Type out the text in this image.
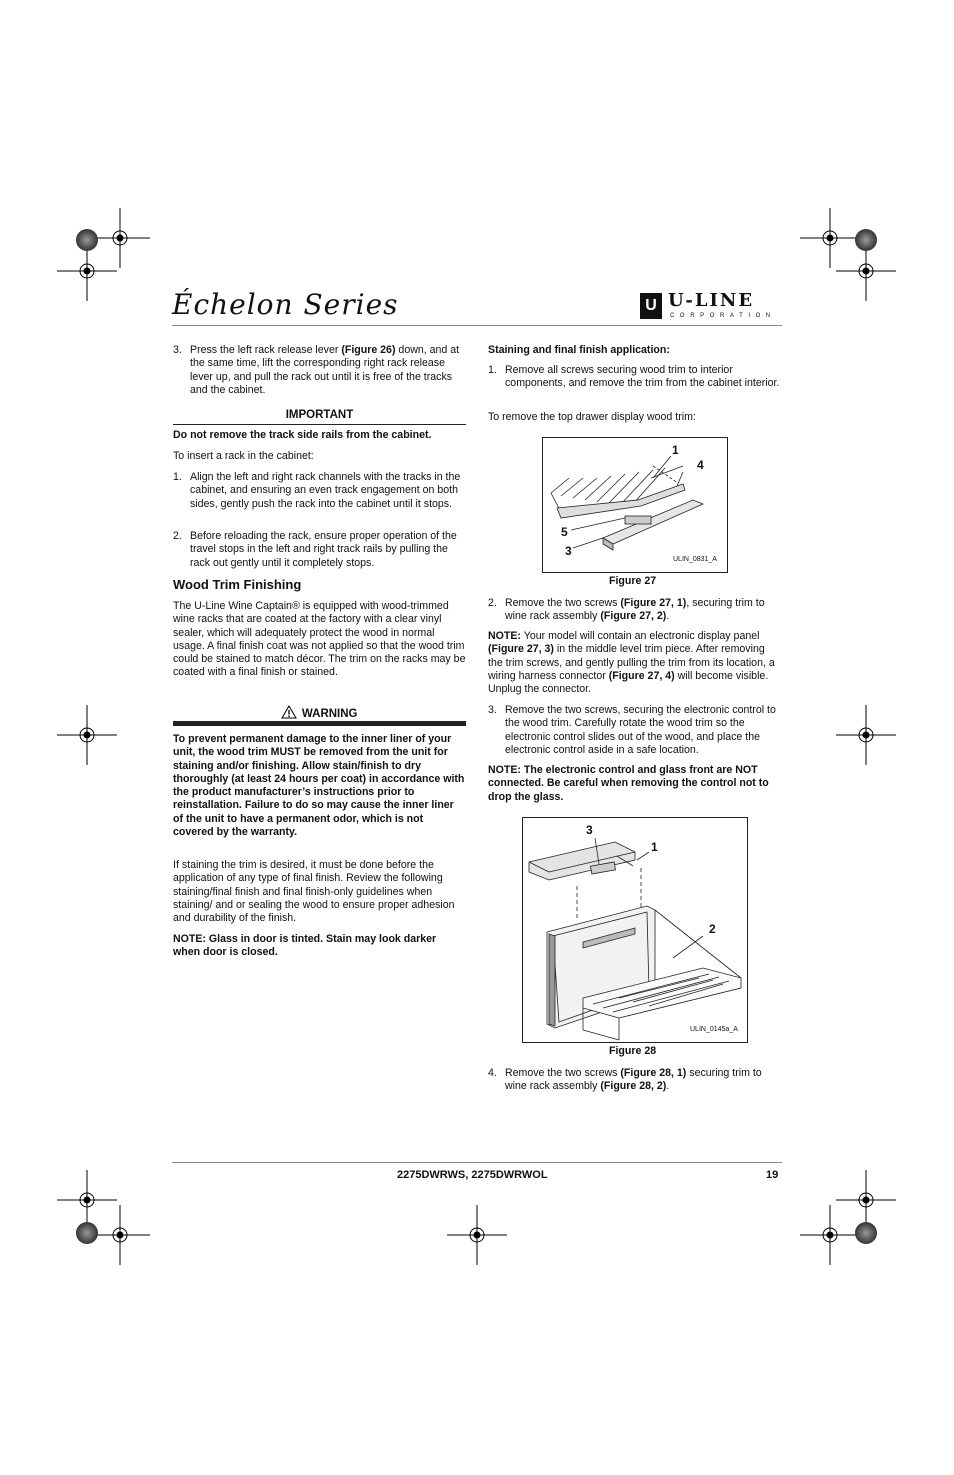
Échelon Series	U U-LINE
CORPORATION
3. Press the left rack release lever (Figure 26) down, and at the same time, lift the corresponding right rack release lever up, and pull the rack out until it is free of the tracks and the cabinet.

IMPORTANT

Do not remove the track side rails from the cabinet.

To insert a rack in the cabinet:

1. Align the left and right rack channels with the tracks in the cabinet, and ensuring an even track engagement on both sides, gently push the rack into the cabinet until it stops.

2. Before reloading the rack, ensure proper operation of the travel stops in the left and right track rails by pulling the rack out gently until it completely stops.

Wood Trim Finishing

The U-Line Wine Captain® is equipped with wood-trimmed wine racks that are coated at the factory with a clear vinyl sealer, which will adequately protect the wood in normal usage. A final finish coat was not applied so that the wood trim could be stained to match décor. The trim on the racks may be coated with a final finish or stained.

WARNING

To prevent permanent damage to the inner liner of your unit, the wood trim MUST be removed from the unit for staining and/or finishing. Allow stain/finish to dry thoroughly (at least 24 hours per coat) in accordance with the product manufacturer’s instructions prior to reinstallation. Failure to do so may cause the inner liner of the unit to have a permanent odor, which is not covered by the warranty.

If staining the trim is desired, it must be done before the application of any type of final finish. Review the following staining/final finish and final finish-only guidelines when staining/ and or sealing the wood to ensure proper adhesion and durability of the finish.

NOTE: Glass in door is tinted. Stain may look darker when door is closed.

Staining and final finish application:

1. Remove all screws securing wood trim to interior components, and remove the trim from the cabinet interior.

To remove the top drawer display wood trim:

1
4
5
3
ULIN_0831_A
Figure 27
2. Remove the two screws (Figure 27, 1), securing trim to wine rack assembly (Figure 27, 2).

NOTE: Your model will contain an electronic display panel (Figure 27, 3) in the middle level trim piece. After removing the trim screws, and gently pulling the trim from its location, a wiring harness connector (Figure 27, 4) will become visible. Unplug the connector.

3. Remove the two screws, securing the electronic control to the wood trim. Carefully rotate the wood trim so the electronic control slides out of the wood, and place the electronic control aside in a safe location.

NOTE: The electronic control and glass front are NOT connected. Be careful when removing the control not to drop the glass.

3
1
2
ULIN_0145a_A
Figure 28
4. Remove the two screws (Figure 28, 1) securing trim to wine rack assembly (Figure 28, 2).

2275DWRWS, 2275DWRWOL	19
